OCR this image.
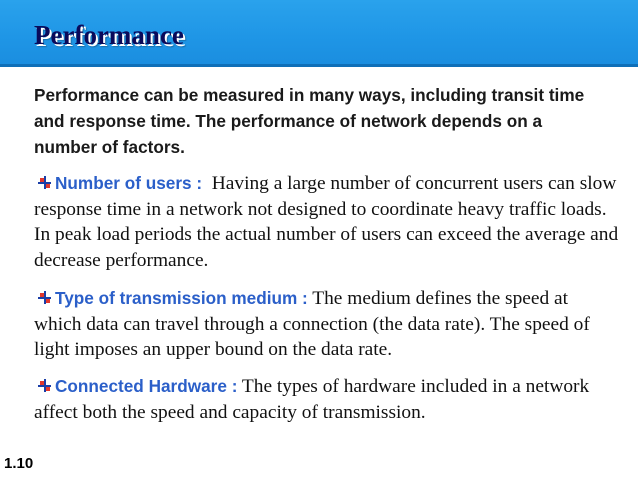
Performance
Performance can be measured in many ways, including transit time and response time. The performance of network depends on a number of factors.
Number of users : Having a large number of concurrent users can slow response time in a network not designed to coordinate heavy traffic loads. In peak load periods the actual number of users can exceed the average and decrease performance.
Type of transmission medium : The medium defines the speed at which data can travel through a connection (the data rate). The speed of light imposes an upper bound on the data rate.
Connected Hardware : The types of hardware included in a network affect both the speed and capacity of transmission.
1.10
